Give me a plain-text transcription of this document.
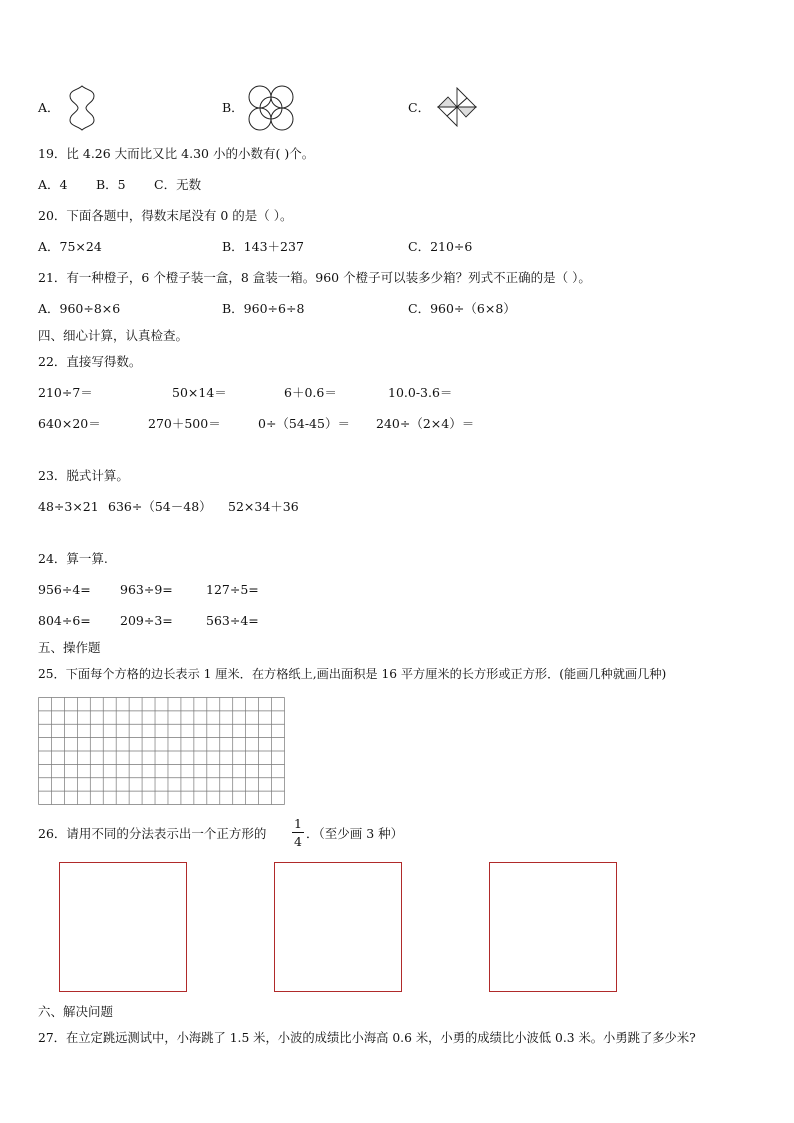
A．	B．	C．
19．比 4.26 大而比又比 4.30 小的小数有( )个。
A．4 B．5 C．无数
20．下面各题中，得数末尾没有 0 的是（ ）。
A．75×24	B．143＋237	C．210÷6
21．有一种橙子，6 个橙子装一盒，8 盒装一箱。960 个橙子可以装多少箱？列式不正确的是（ ）。
A．960÷8×6	B．960÷6÷8	C．960÷（6×8）
四、细心计算，认真检查。
22．直接写得数。
210÷7＝	50×14＝	6＋0.6＝	10.0-3.6＝
640×20＝	270＋500＝	0÷（54-45）＝ 240÷（2×4）＝
23．脱式计算。
48÷3×21 636÷（54－48） 52×34＋36
24．算一算.
956÷4= 963÷9=	127÷5=
804÷6= 209÷3=	563÷4=
五、操作题
25．下面每个方格的边长表示 1 厘米．在方格纸上,画出面积是 16 平方厘米的长方形或正方形．(能画几种就画几种)
26．请用不同的分法表示出一个正方形的
1
4
．（至少画 3 种）
六、解决问题
27．在立定跳远测试中，小海跳了 1.5 米，小波的成绩比小海高 0.6 米，小勇的成绩比小波低 0.3 米。小勇跳了多少米?
